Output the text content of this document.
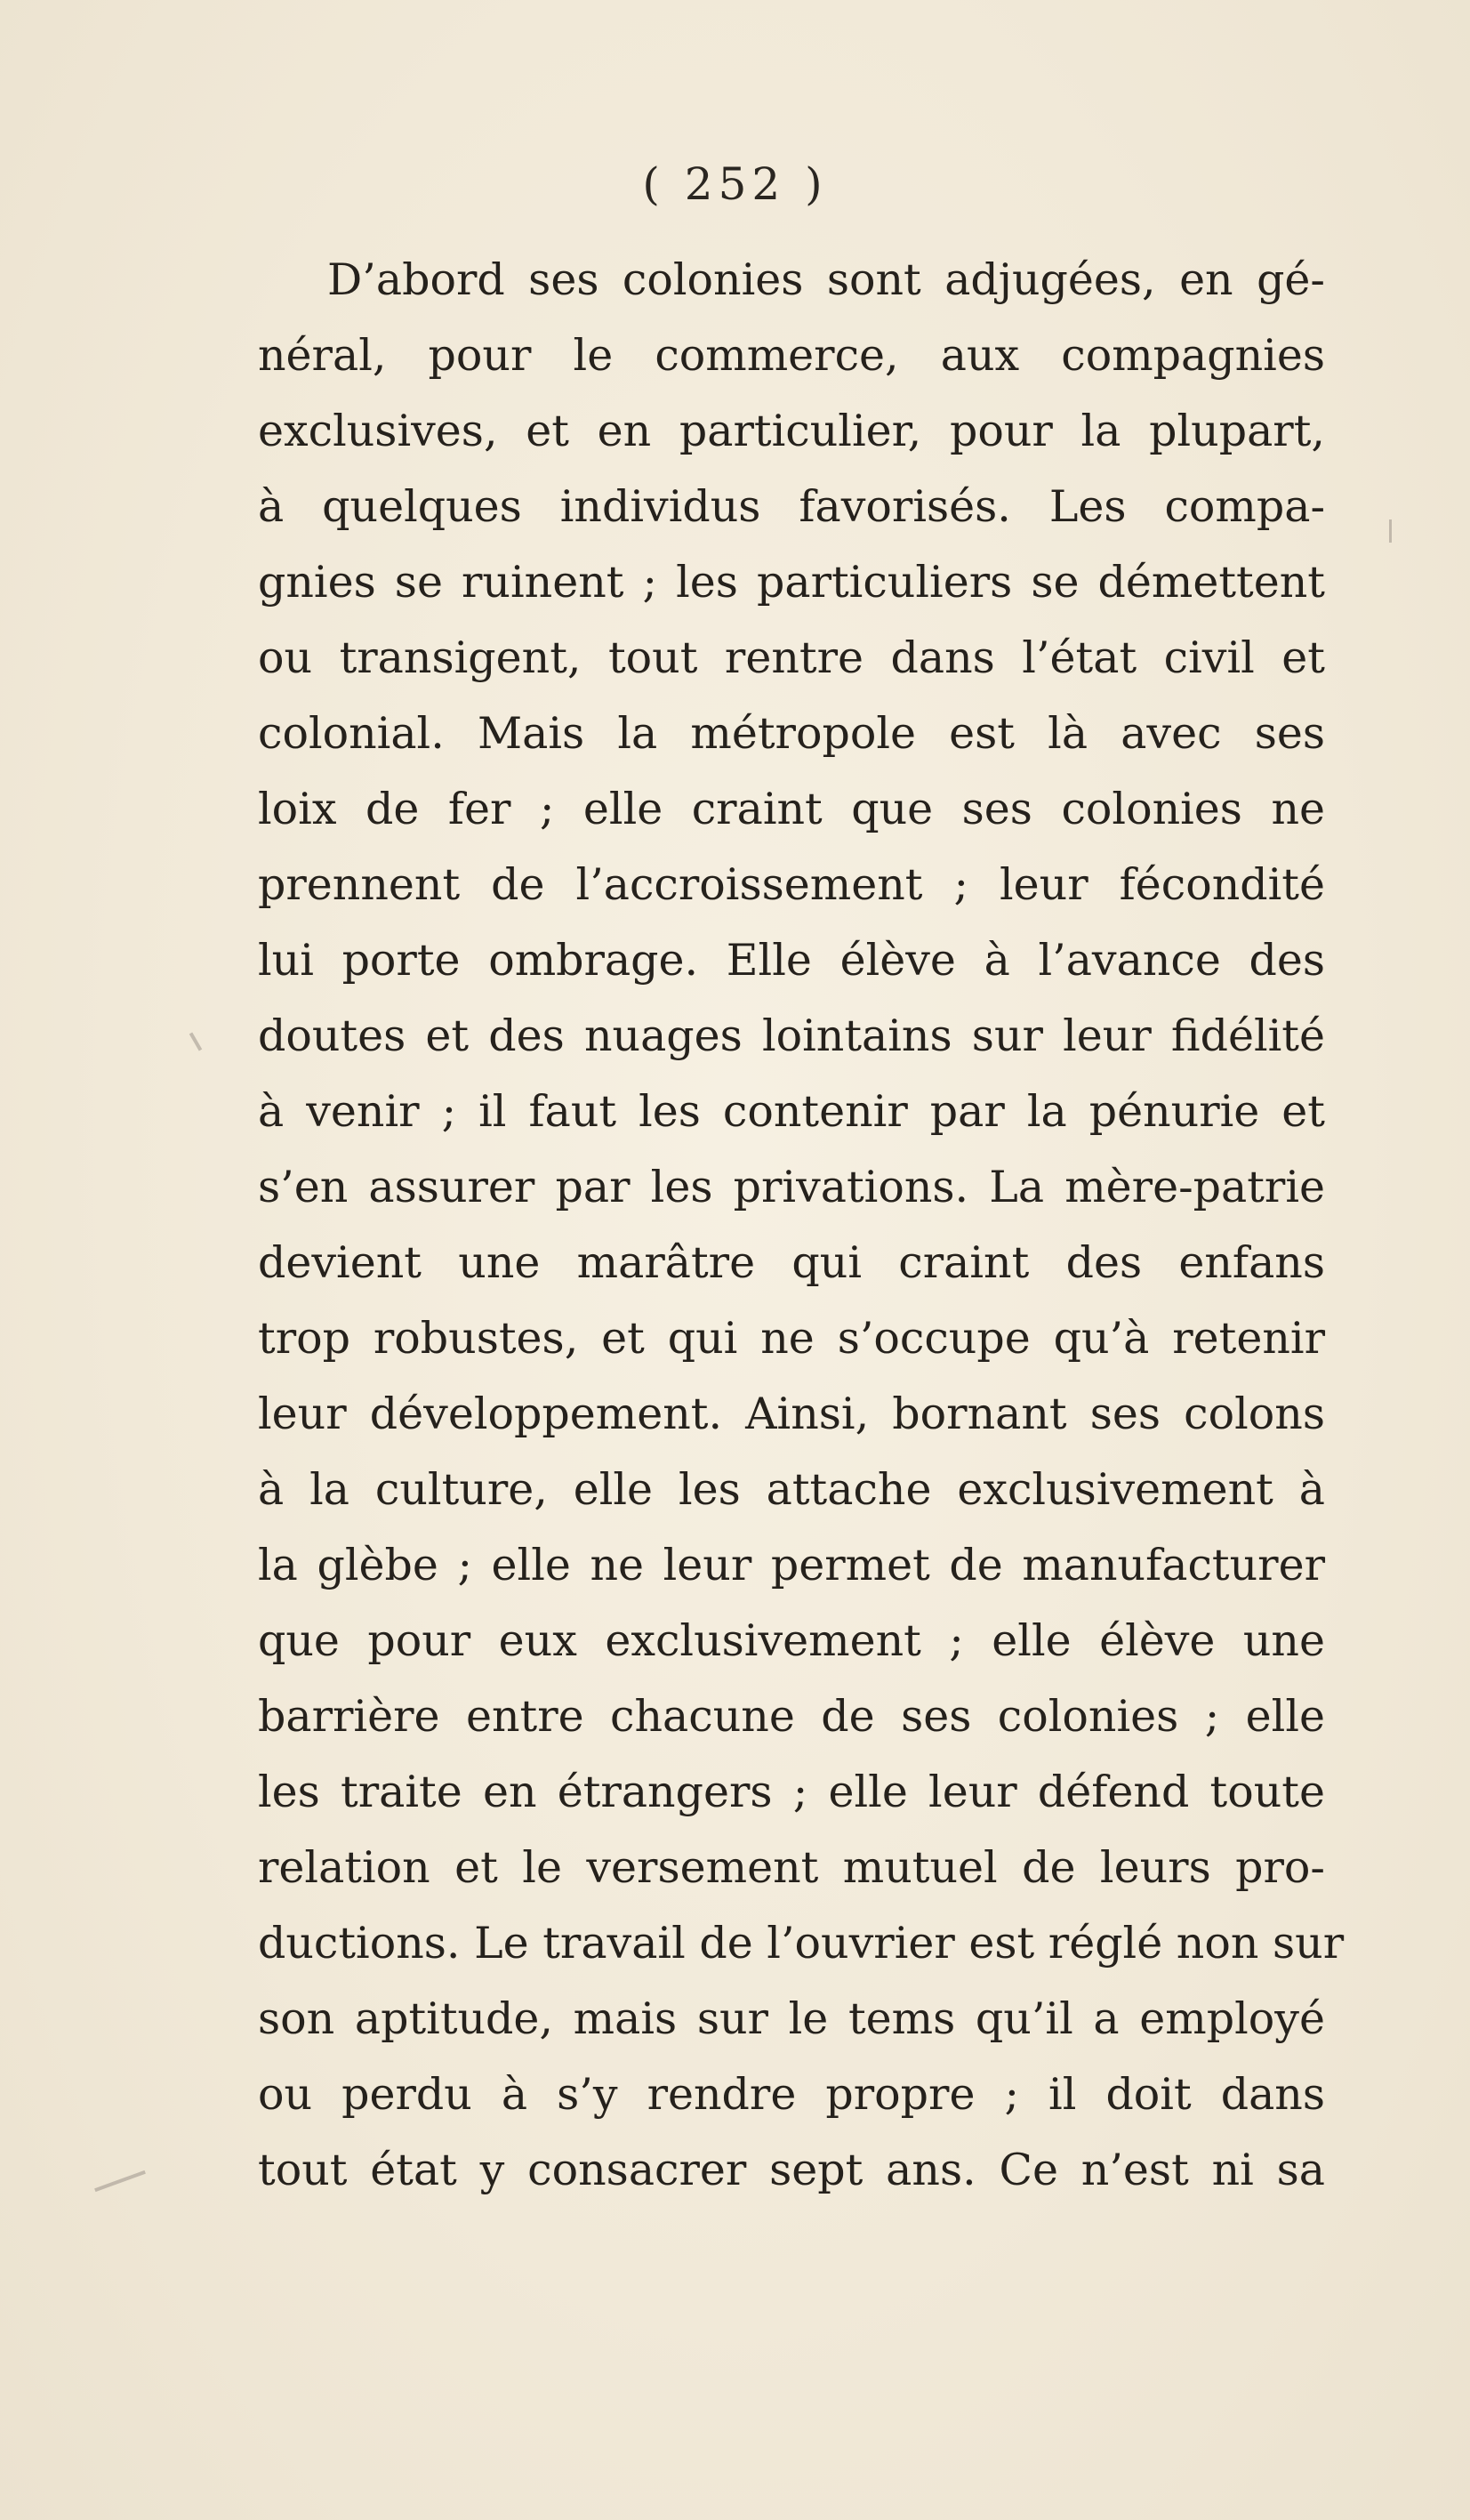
( 252 )
D’abord ses colonies sont adjugées, en gé-
néral, pour le commerce, aux compagnies
exclusives, et en particulier, pour la plupart,
à quelques individus favorisés. Les compa-
gnies se ruinent ; les particuliers se démettent
ou transigent, tout rentre dans l’état civil et
colonial. Mais la métropole est là avec ses
loix de fer ; elle craint que ses colonies ne
prennent de l’accroissement ; leur fécondité
lui porte ombrage. Elle élève à l’avance des
doutes et des nuages lointains sur leur fidélité
à venir ; il faut les contenir par la pénurie et
s’en assurer par les privations. La mère-patrie
devient une marâtre qui craint des enfans
trop robustes, et qui ne s’occupe qu’à retenir
leur développement. Ainsi, bornant ses colons
à la culture, elle les attache exclusivement à
la glèbe ; elle ne leur permet de manufacturer
que pour eux exclusivement ; elle élève une
barrière entre chacune de ses colonies ; elle
les traite en étrangers ; elle leur défend toute
relation et le versement mutuel de leurs pro-
ductions. Le travail de l’ouvrier est réglé non sur
son aptitude, mais sur le tems qu’il a employé
ou perdu à s’y rendre propre ; il doit dans
tout état y consacrer sept ans. Ce n’est ni sa
